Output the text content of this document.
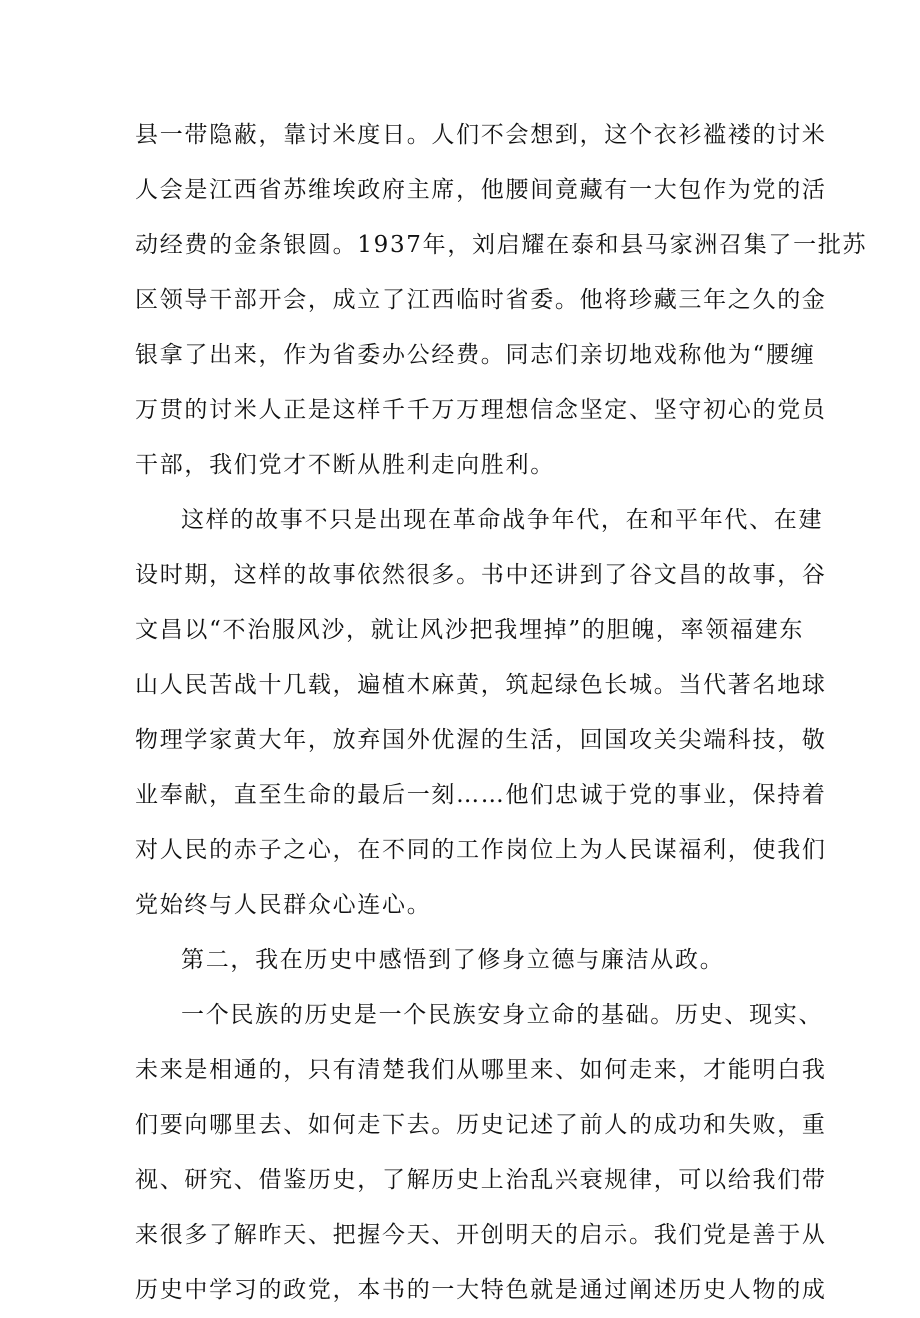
县一带隐蔽，靠讨米度日。人们不会想到，这个衣衫褴褛的讨米
人会是江西省苏维埃政府主席，他腰间竟藏有一大包作为党的活
动经费的金条银圆。1937年，刘启耀在泰和县马家洲召集了一批苏
区领导干部开会，成立了江西临时省委。他将珍藏三年之久的金
银拿了出来，作为省委办公经费。同志们亲切地戏称他为“腰缠
万贯的讨米人正是这样千千万万理想信念坚定、坚守初心的党员
干部，我们党才不断从胜利走向胜利。
这样的故事不只是出现在革命战争年代，在和平年代、在建
设时期，这样的故事依然很多。书中还讲到了谷文昌的故事，谷
文昌以“不治服风沙，就让风沙把我埋掉”的胆魄，率领福建东
山人民苦战十几载，遍植木麻黄，筑起绿色长城。当代著名地球
物理学家黄大年，放弃国外优渥的生活，回国攻关尖端科技，敬
业奉献，直至生命的最后一刻……他们忠诚于党的事业，保持着
对人民的赤子之心，在不同的工作岗位上为人民谋福利，使我们
党始终与人民群众心连心。
第二，我在历史中感悟到了修身立德与廉洁从政。
一个民族的历史是一个民族安身立命的基础。历史、现实、
未来是相通的，只有清楚我们从哪里来、如何走来，才能明白我
们要向哪里去、如何走下去。历史记述了前人的成功和失败，重
视、研究、借鉴历史，了解历史上治乱兴衰规律，可以给我们带
来很多了解昨天、把握今天、开创明天的启示。我们党是善于从
历史中学习的政党，本书的一大特色就是通过阐述历史人物的成
